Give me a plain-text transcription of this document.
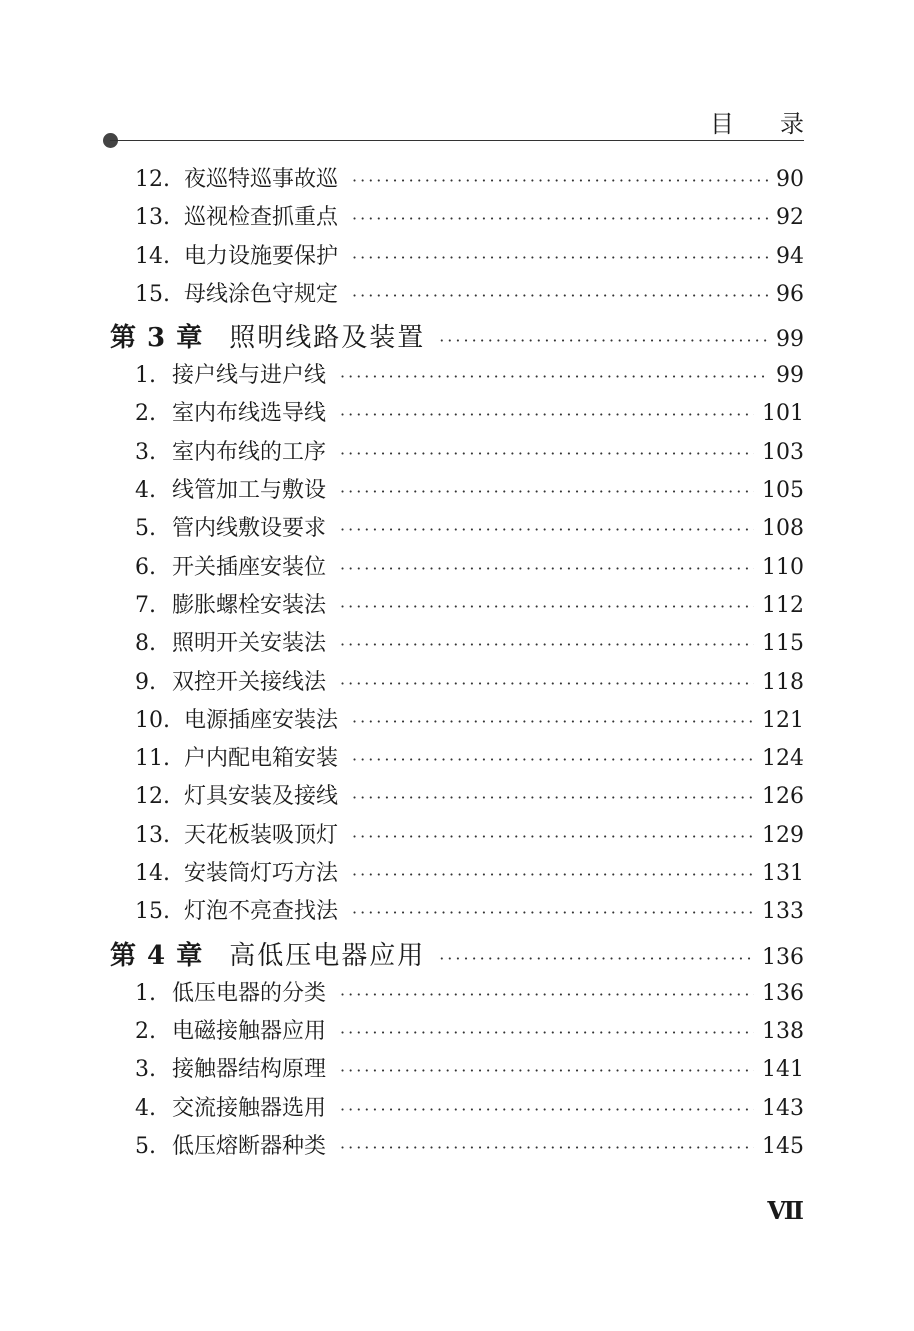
目录
12. 夜巡特巡事故巡 ·····	90
13. 巡视检查抓重点 ·····	92
14. 电力设施要保护 ·····	94
15. 母线涂色守规定 ·····	96
第 3 章 照明线路及装置 ·····	99
1. 接户线与进户线 ·····	99
2. 室内布线选导线 ·····	101
3. 室内布线的工序 ·····	103
4. 线管加工与敷设 ·····	105
5. 管内线敷设要求 ·····	108
6. 开关插座安装位 ·····	110
7. 膨胀螺栓安装法 ·····	112
8. 照明开关安装法 ·····	115
9. 双控开关接线法 ·····	118
10. 电源插座安装法 ·····	121
11. 户内配电箱安装 ·····	124
12. 灯具安装及接线 ·····	126
13. 天花板装吸顶灯 ·····	129
14. 安装筒灯巧方法 ·····	131
15. 灯泡不亮查找法 ·····	133
第 4 章 高低压电器应用 ·····	136
1. 低压电器的分类 ·····	136
2. 电磁接触器应用 ·····	138
3. 接触器结构原理 ·····	141
4. 交流接触器选用 ·····	143
5. 低压熔断器种类 ·····	145
Ⅶ
